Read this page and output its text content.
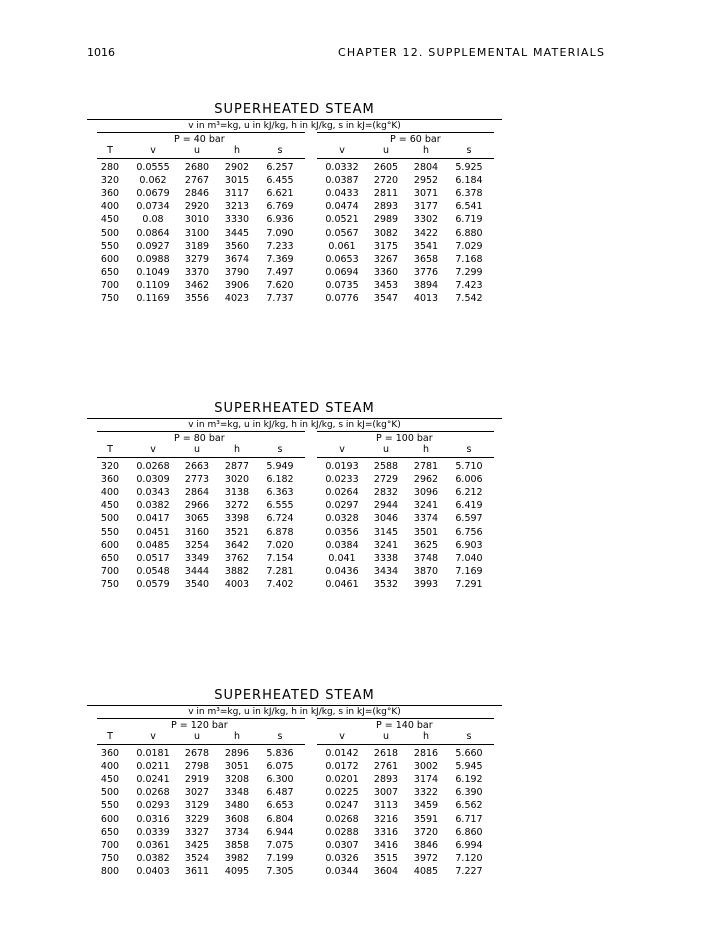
1016	CHAPTER 12. SUPPLEMENTAL MATERIALS
SUPERHEATED STEAM
v in m³=kg, u in kJ/kg, h in kJ/kg, s in kJ=(kg°K)
P = 40 bar	P = 60 bar
T	v	u	h	s	v	u	h	s
280	0.0555	2680	2902	6.257	0.0332	2605	2804	5.925
320	0.062	2767	3015	6.455	0.0387	2720	2952	6.184
360	0.0679	2846	3117	6.621	0.0433	2811	3071	6.378
400	0.0734	2920	3213	6.769	0.0474	2893	3177	6.541
450	0.08	3010	3330	6.936	0.0521	2989	3302	6.719
500	0.0864	3100	3445	7.090	0.0567	3082	3422	6.880
550	0.0927	3189	3560	7.233	0.061	3175	3541	7.029
600	0.0988	3279	3674	7.369	0.0653	3267	3658	7.168
650	0.1049	3370	3790	7.497	0.0694	3360	3776	7.299
700	0.1109	3462	3906	7.620	0.0735	3453	3894	7.423
750	0.1169	3556	4023	7.737	0.0776	3547	4013	7.542
SUPERHEATED STEAM
v in m³=kg, u in kJ/kg, h in kJ/kg, s in kJ=(kg°K)
P = 80 bar	P = 100 bar
T	v	u	h	s	v	u	h	s
320	0.0268	2663	2877	5.949	0.0193	2588	2781	5.710
360	0.0309	2773	3020	6.182	0.0233	2729	2962	6.006
400	0.0343	2864	3138	6.363	0.0264	2832	3096	6.212
450	0.0382	2966	3272	6.555	0.0297	2944	3241	6.419
500	0.0417	3065	3398	6.724	0.0328	3046	3374	6.597
550	0.0451	3160	3521	6.878	0.0356	3145	3501	6.756
600	0.0485	3254	3642	7.020	0.0384	3241	3625	6.903
650	0.0517	3349	3762	7.154	0.041	3338	3748	7.040
700	0.0548	3444	3882	7.281	0.0436	3434	3870	7.169
750	0.0579	3540	4003	7.402	0.0461	3532	3993	7.291
SUPERHEATED STEAM
v in m³=kg, u in kJ/kg, h in kJ/kg, s in kJ=(kg°K)
P = 120 bar	P = 140 bar
T	v	u	h	s	v	u	h	s
360	0.0181	2678	2896	5.836	0.0142	2618	2816	5.660
400	0.0211	2798	3051	6.075	0.0172	2761	3002	5.945
450	0.0241	2919	3208	6.300	0.0201	2893	3174	6.192
500	0.0268	3027	3348	6.487	0.0225	3007	3322	6.390
550	0.0293	3129	3480	6.653	0.0247	3113	3459	6.562
600	0.0316	3229	3608	6.804	0.0268	3216	3591	6.717
650	0.0339	3327	3734	6.944	0.0288	3316	3720	6.860
700	0.0361	3425	3858	7.075	0.0307	3416	3846	6.994
750	0.0382	3524	3982	7.199	0.0326	3515	3972	7.120
800	0.0403	3611	4095	7.305	0.0344	3604	4085	7.227
